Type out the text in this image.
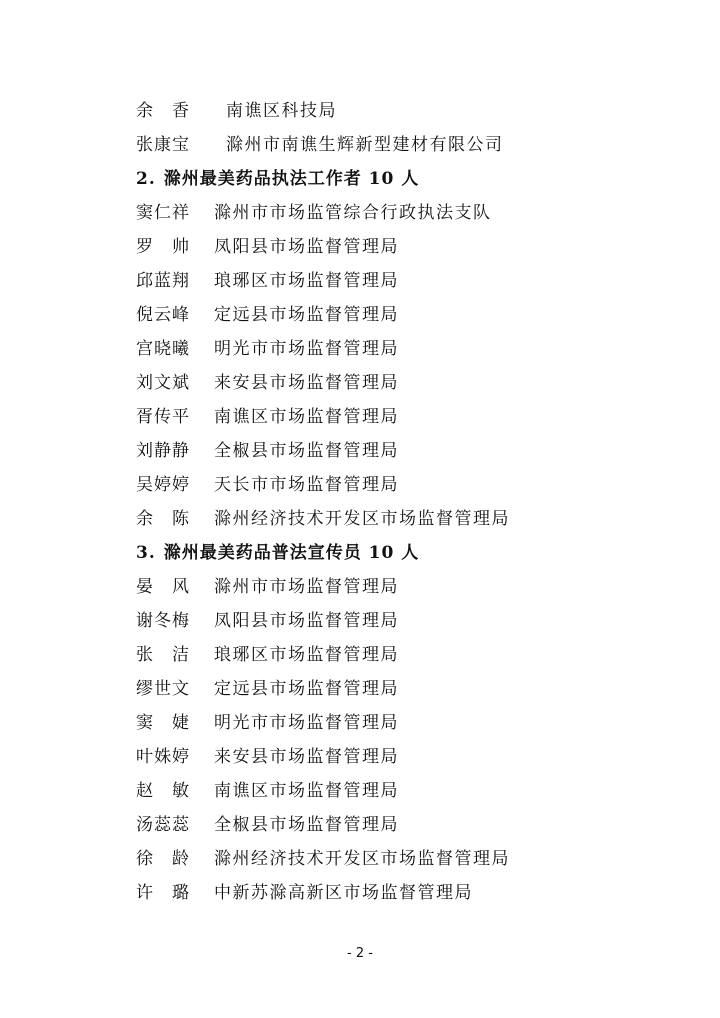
余　香	南谯区科技局
张康宝	滁州市南谯生辉新型建材有限公司
2. 滁州最美药品执法工作者 10 人
窦仁祥	滁州市市场监管综合行政执法支队
罗　帅	凤阳县市场监督管理局
邱蓝翔	琅琊区市场监督管理局
倪云峰	定远县市场监督管理局
宫晓曦	明光市市场监督管理局
刘文斌	来安县市场监督管理局
胥传平	南谯区市场监督管理局
刘静静	全椒县市场监督管理局
吴婷婷	天长市市场监督管理局
余　陈	滁州经济技术开发区市场监督管理局
3. 滁州最美药品普法宣传员 10 人
晏　风	滁州市市场监督管理局
谢冬梅	凤阳县市场监督管理局
张　洁	琅琊区市场监督管理局
缪世文	定远县市场监督管理局
窦　婕	明光市市场监督管理局
叶姝婷	来安县市场监督管理局
赵　敏	南谯区市场监督管理局
汤蕊蕊	全椒县市场监督管理局
徐　龄	滁州经济技术开发区市场监督管理局
许　璐	中新苏滁高新区市场监督管理局
- 2 -
